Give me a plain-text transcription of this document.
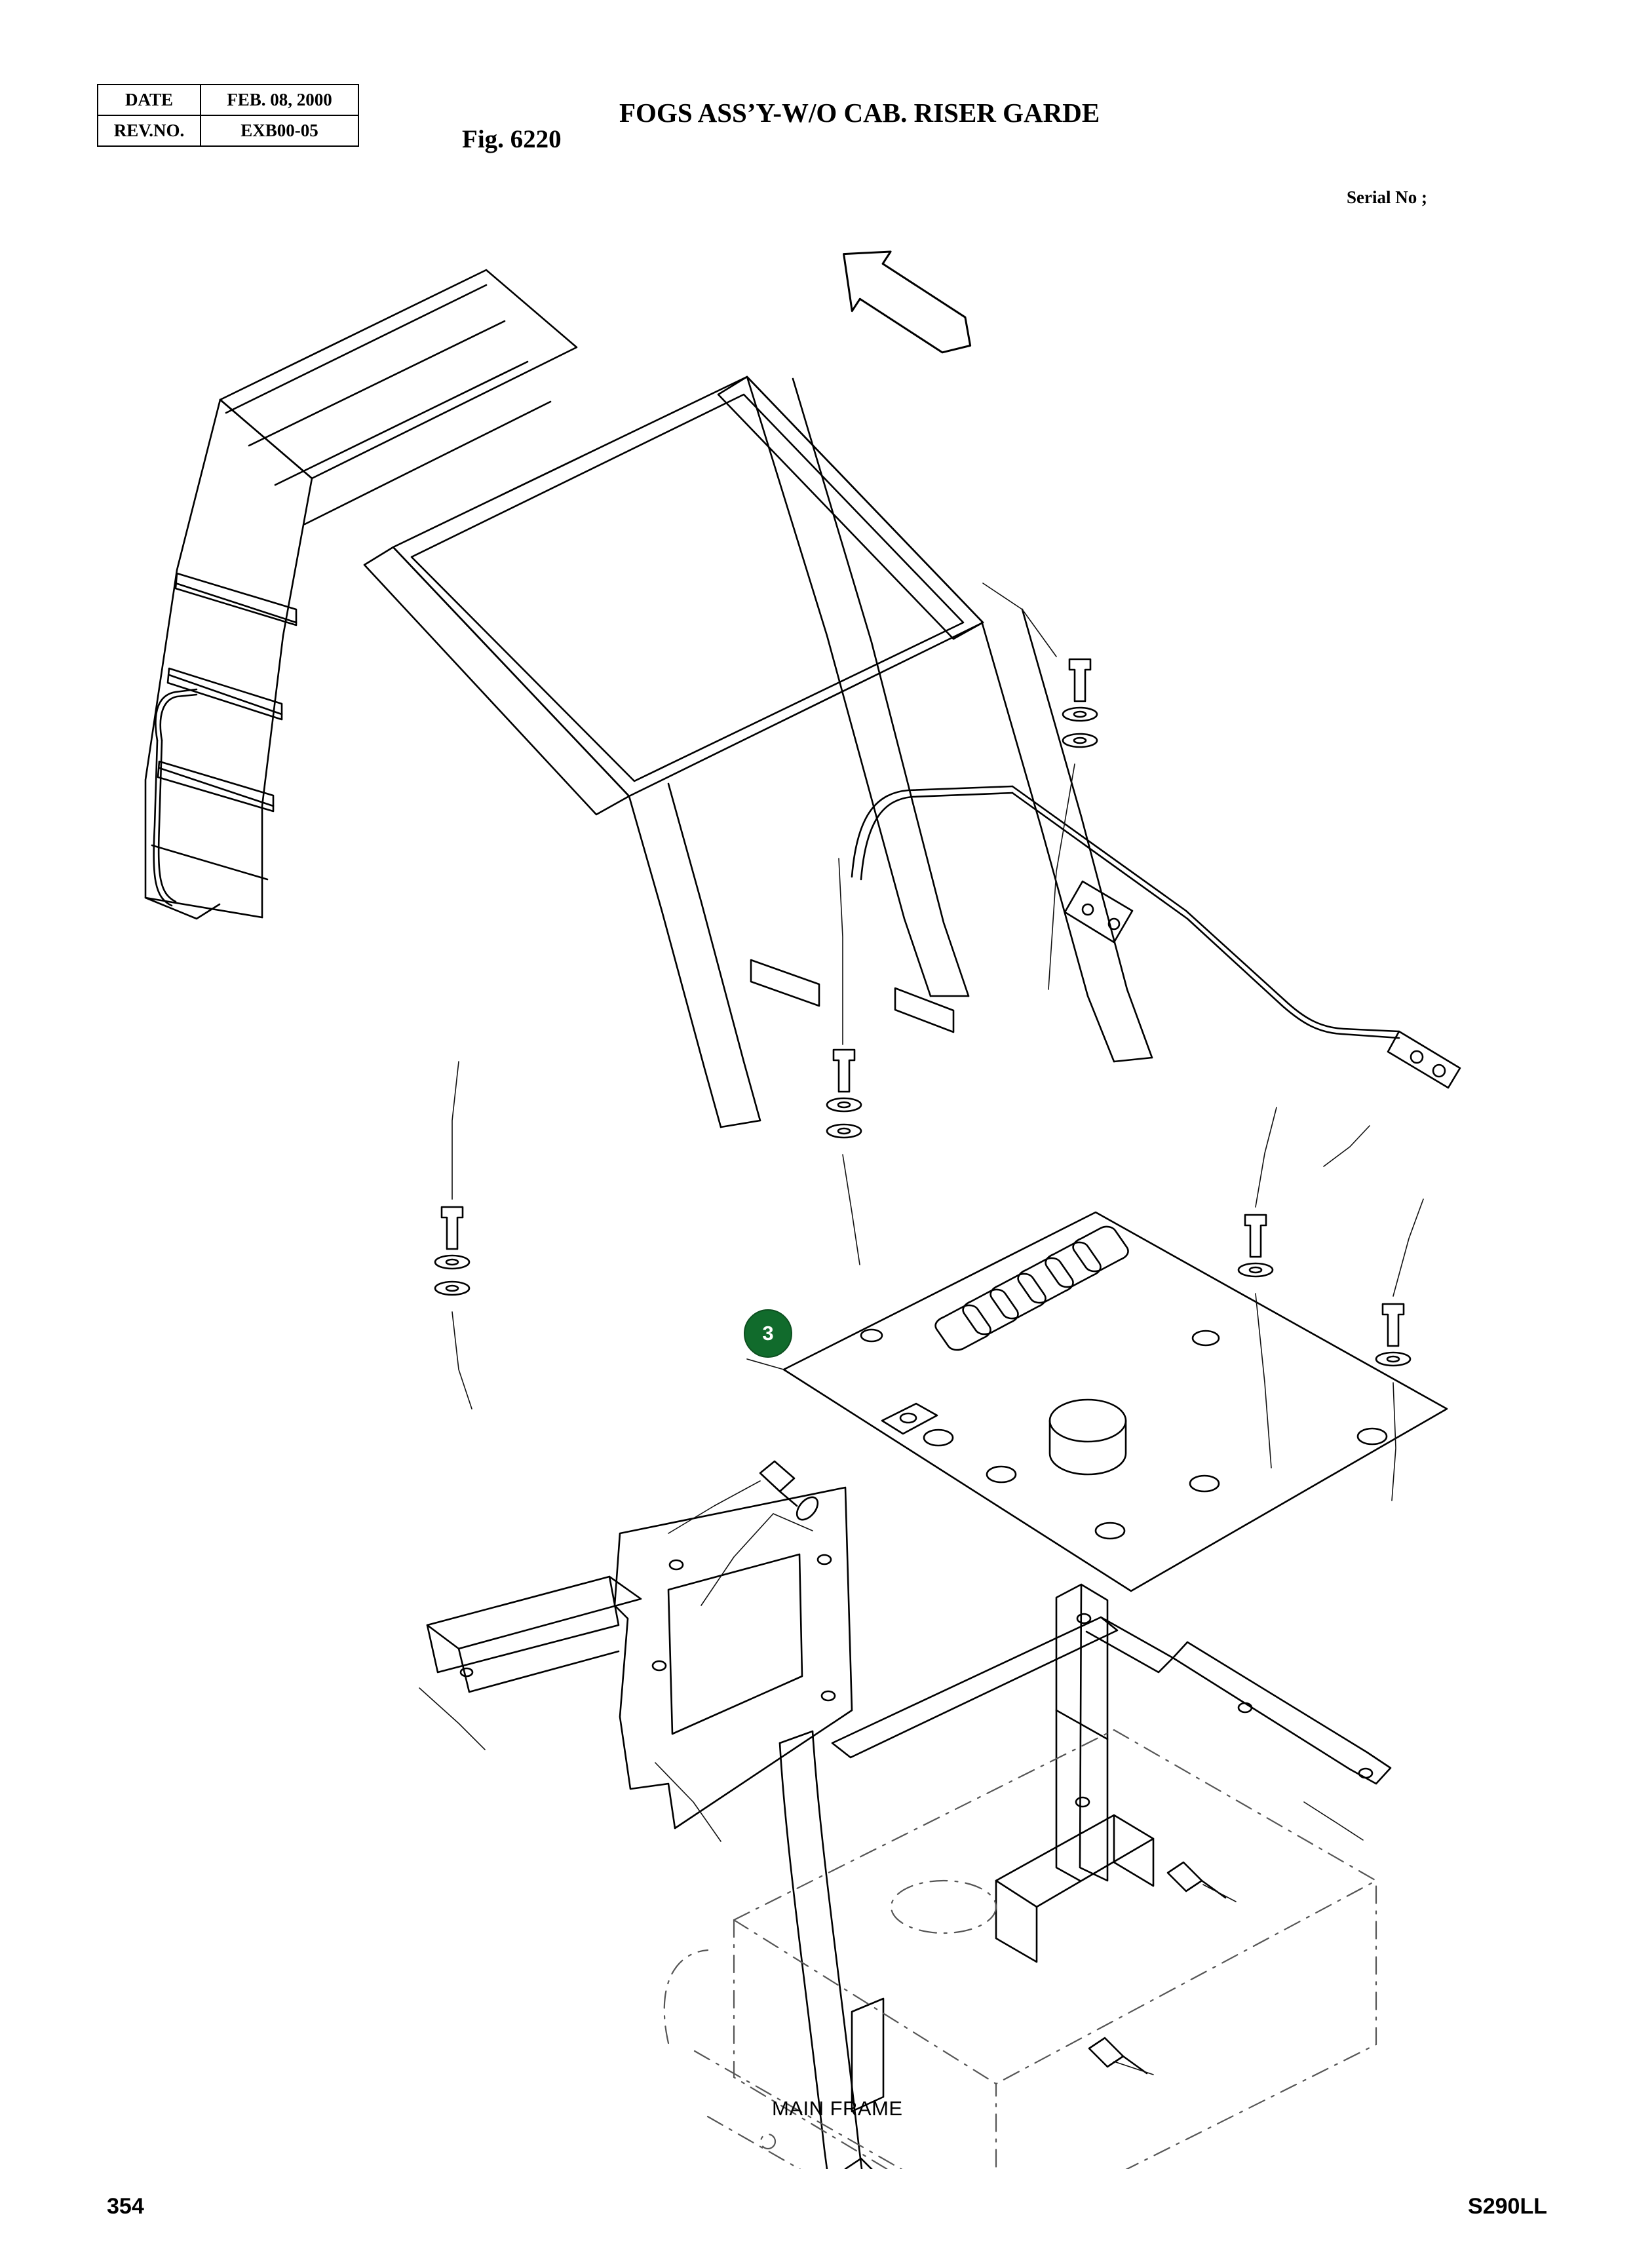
DATE	FEB. 08, 2000
REV.NO.	EXB00-05	Fig. 6220
FOGS ASS’Y-W/O CAB. RISER GARDE
Serial No ;
3
MAIN FRAME
354	S290LL
